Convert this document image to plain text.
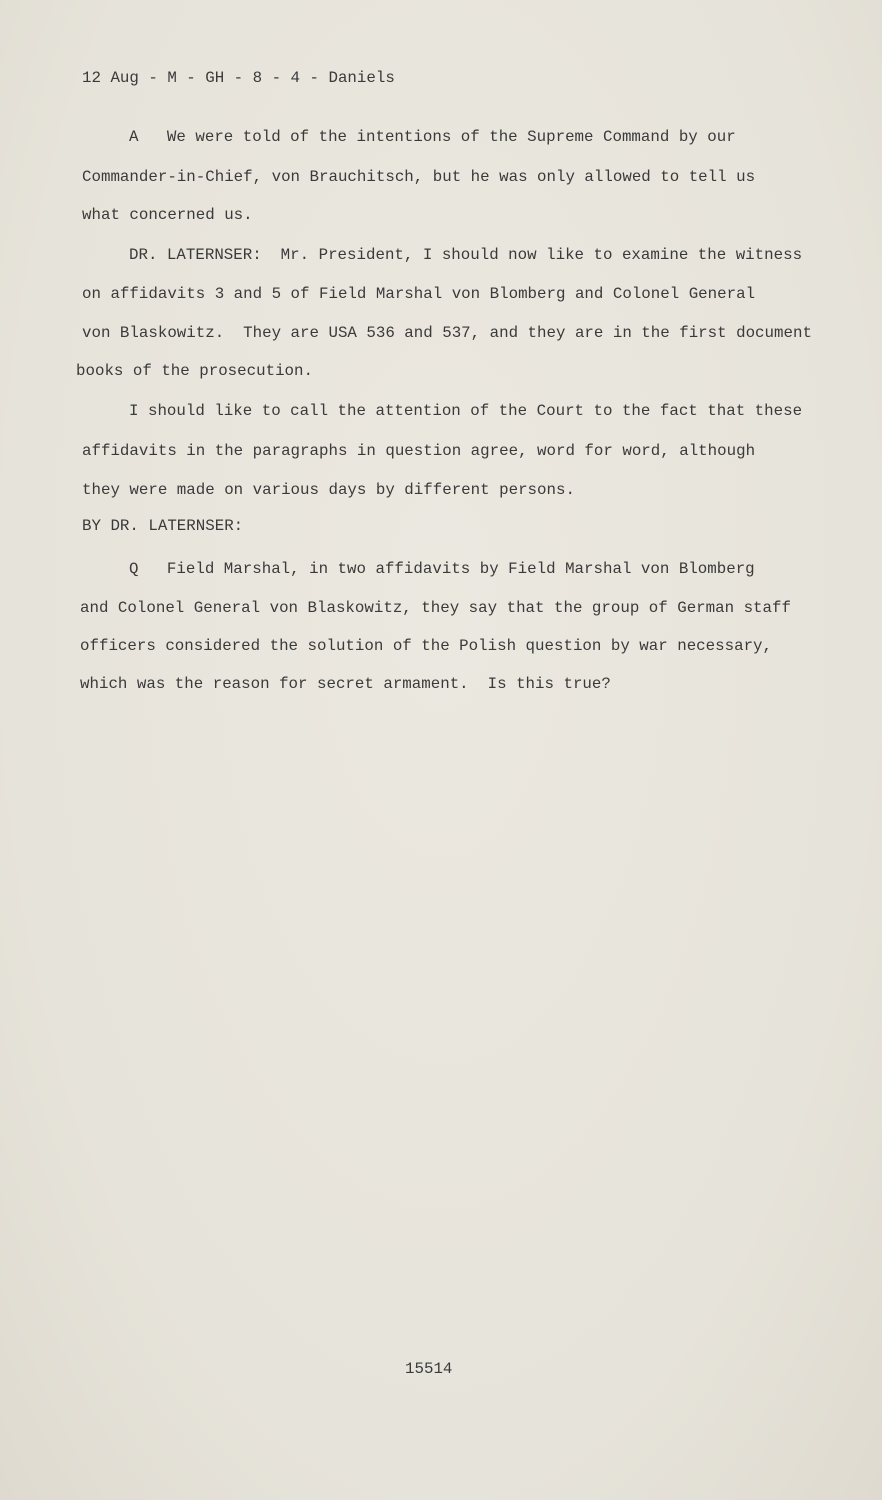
12 Aug - M - GH - 8 - 4 - Daniels
A   We were told of the intentions of the Supreme Command by our
Commander-in-Chief, von Brauchitsch, but he was only allowed to tell us
what concerned us.
DR. LATERNSER:  Mr. President, I should now like to examine the witness
on affidavits 3 and 5 of Field Marshal von Blomberg and Colonel General
von Blaskowitz.  They are USA 536 and 537, and they are in the first document
books of the prosecution.
I should like to call the attention of the Court to the fact that these
affidavits in the paragraphs in question agree, word for word, although
they were made on various days by different persons.
BY DR. LATERNSER:
Q   Field Marshal, in two affidavits by Field Marshal von Blomberg
and Colonel General von Blaskowitz, they say that the group of German staff
officers considered the solution of the Polish question by war necessary,
which was the reason for secret armament.  Is this true?
15514
